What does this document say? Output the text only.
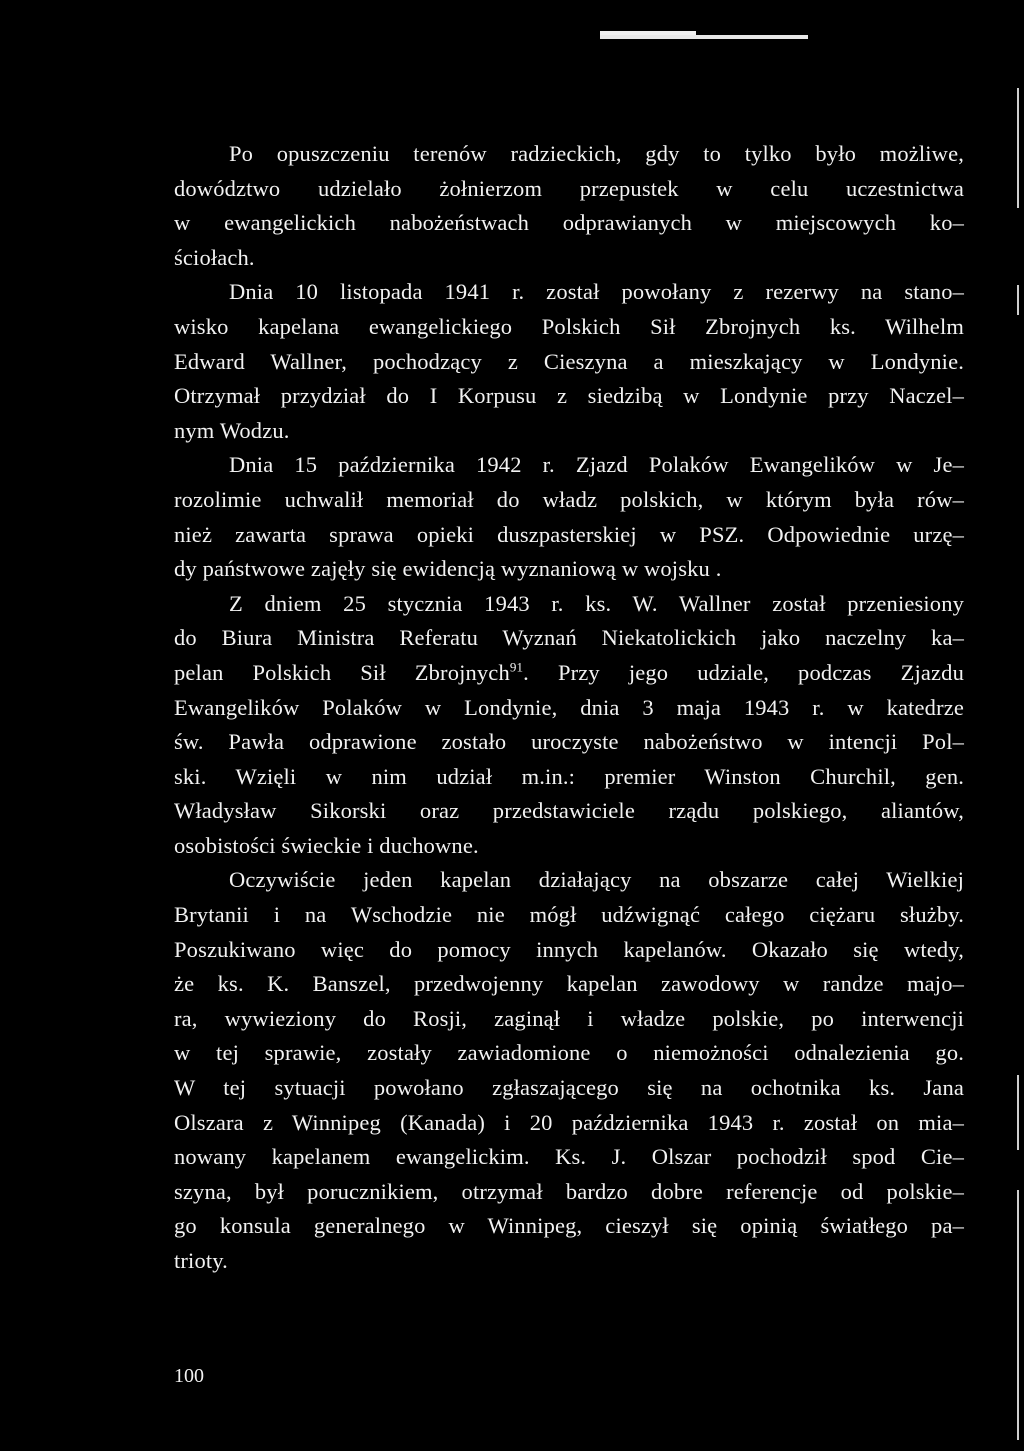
Po opuszczeniu terenów radzieckich, gdy to tylko było możliwe,
dowództwo udzielało żołnierzom przepustek w celu uczestnictwa
w ewangelickich nabożeństwach odprawianych w miejscowych ko–
ściołach.
Dnia 10 listopada 1941 r. został powołany z rezerwy na stano–
wisko kapelana ewangelickiego Polskich Sił Zbrojnych ks. Wilhelm
Edward Wallner, pochodzący z Cieszyna a mieszkający w Londynie.
Otrzymał przydział do I Korpusu z siedzibą w Londynie przy Naczel–
nym Wodzu.
Dnia 15 października 1942 r. Zjazd Polaków Ewangelików w Je–
rozolimie uchwalił memoriał do władz polskich, w którym była rów–
nież zawarta sprawa opieki duszpasterskiej w PSZ. Odpowiednie urzę–
dy państwowe zajęły się ewidencją wyznaniową w wojsku .
Z dniem 25 stycznia 1943 r. ks. W. Wallner został przeniesiony
do Biura Ministra Referatu Wyznań Niekatolickich jako naczelny ka–
pelan Polskich Sił Zbrojnych$^{91}$. Przy jego udziale, podczas Zjazdu
Ewangelików Polaków w Londynie, dnia 3 maja 1943 r. w katedrze
św. Pawła odprawione zostało uroczyste nabożeństwo w intencji Pol–
ski. Wzięli w nim udział m.in.: premier Winston Churchil, gen.
Władysław Sikorski oraz przedstawiciele rządu polskiego, aliantów,
osobistości świeckie i duchowne.
Oczywiście jeden kapelan działający na obszarze całej Wielkiej
Brytanii i na Wschodzie nie mógł udźwignąć całego ciężaru służby.
Poszukiwano więc do pomocy innych kapelanów. Okazało się wtedy,
że ks. K. Banszel, przedwojenny kapelan zawodowy w randze majo–
ra, wywieziony do Rosji, zaginął i władze polskie, po interwencji
w tej sprawie, zostały zawiadomione o niemożności odnalezienia go.
W tej sytuacji powołano zgłaszającego się na ochotnika ks. Jana
Olszara z Winnipeg (Kanada) i 20 października 1943 r. został on mia–
nowany kapelanem ewangelickim. Ks. J. Olszar pochodził spod Cie–
szyna, był porucznikiem, otrzymał bardzo dobre referencje od polskie–
go konsula generalnego w Winnipeg, cieszył się opinią światłego pa–
trioty.
100
